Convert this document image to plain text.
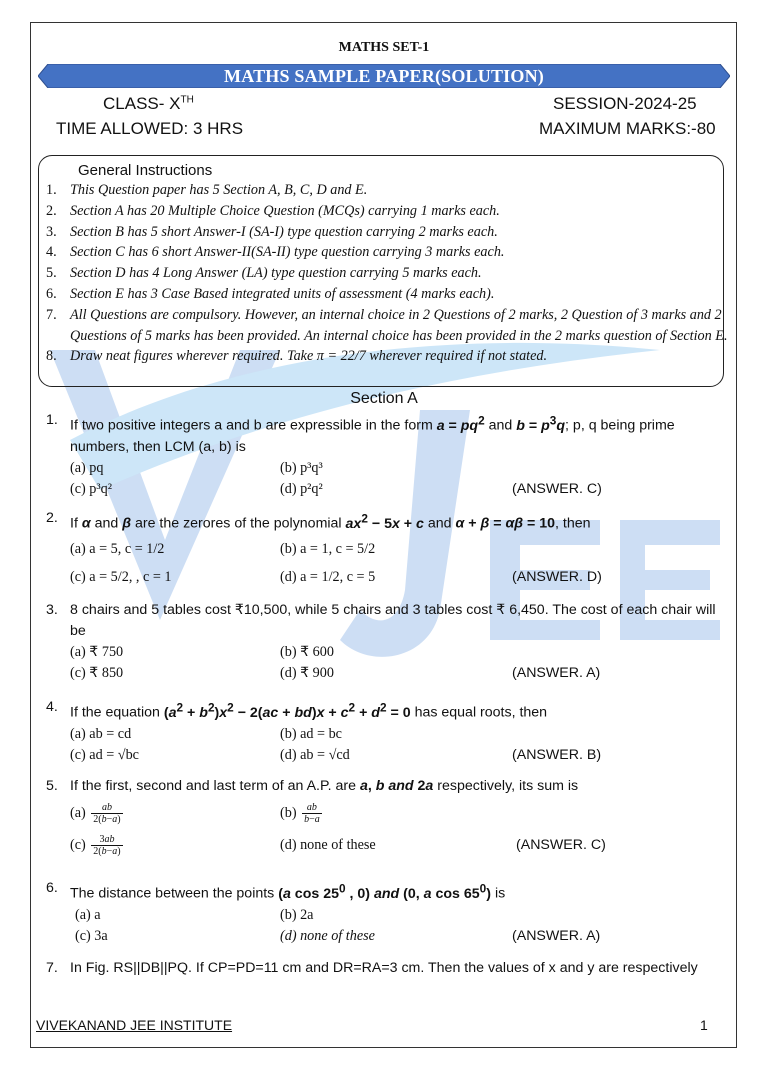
MATHS SET-1
MATHS SAMPLE PAPER(SOLUTION)
CLASS- XTH	SESSION-2024-25
TIME ALLOWED: 3 HRS	MAXIMUM MARKS:-80
General Instructions
1. This Question paper has 5 Section A, B, C, D and E.
2. Section A has 20 Multiple Choice Question (MCQs) carrying 1 marks each.
3. Section B has 5 short Answer-I (SA-I) type question carrying 2 marks each.
4. Section C has 6 short Answer-II(SA-II) type question carrying 3 marks each.
5. Section D has 4 Long Answer (LA) type question carrying 5 marks each.
6. Section E has 3 Case Based integrated units of assessment (4 marks each).
7. All Questions are compulsory. However, an internal choice in 2 Questions of 2 marks, 2 Question of 3 marks and 2 Questions of 5 marks has been provided. An internal choice has been provided in the 2 marks question of Section E.
8. Draw neat figures wherever required. Take π = 22/7 wherever required if not stated.
Section A
1. If two positive integers a and b are expressible in the form $a = pq^2$ and $b = p^3q$; p, q being prime numbers, then LCM (a, b) is
(a) pq	(b) p³q³
(c) p³q²	(d) p²q²	(ANSWER. C)
2. If α and β are the zerores of the polynomial $ax^2 - 5x + c$ and α + β = αβ = 10, then
(a) a = 5, c = 1/2	(b) a = 1, c = 5/2
(c) a = 5/2, , c = 1	(d) a = 1/2, c = 5	(ANSWER. D)
3. 8 chairs and 5 tables cost ₹10,500, while 5 chairs and 3 tables cost ₹ 6,450. The cost of each chair will be
(a) ₹ 750	(b) ₹ 600
(c) ₹ 850	(d) ₹ 900	(ANSWER. A)
4. If the equation $(a^2 + b^2)x^2 - 2(ac + bd)x + c^2 + d^2 = 0$ has equal roots, then
(a) ab = cd	(b) ad = bc
(c) ad = √bc	(d) ab = √cd	(ANSWER. B)
5. If the first, second and last term of an A.P. are a, b and 2a respectively, its sum is
$(a) \frac{ab}{2(b-a)}$	$(b) \frac{ab}{b-a}$
$(c) \frac{3ab}{2(b-a)}$	(d) none of these	(ANSWER. C)
6. The distance between the points (a $\cos 25^0$ , 0) and (0, a $\cos 65^0$) is
(a) a	(b) 2a
(c) 3a	(d) none of these	(ANSWER. A)
7. In Fig. RS||DB||PQ. If CP=PD=11 cm and DR=RA=3 cm. Then the values of x and y are respectively
VIVEKANAND JEE INSTITUTE	1
